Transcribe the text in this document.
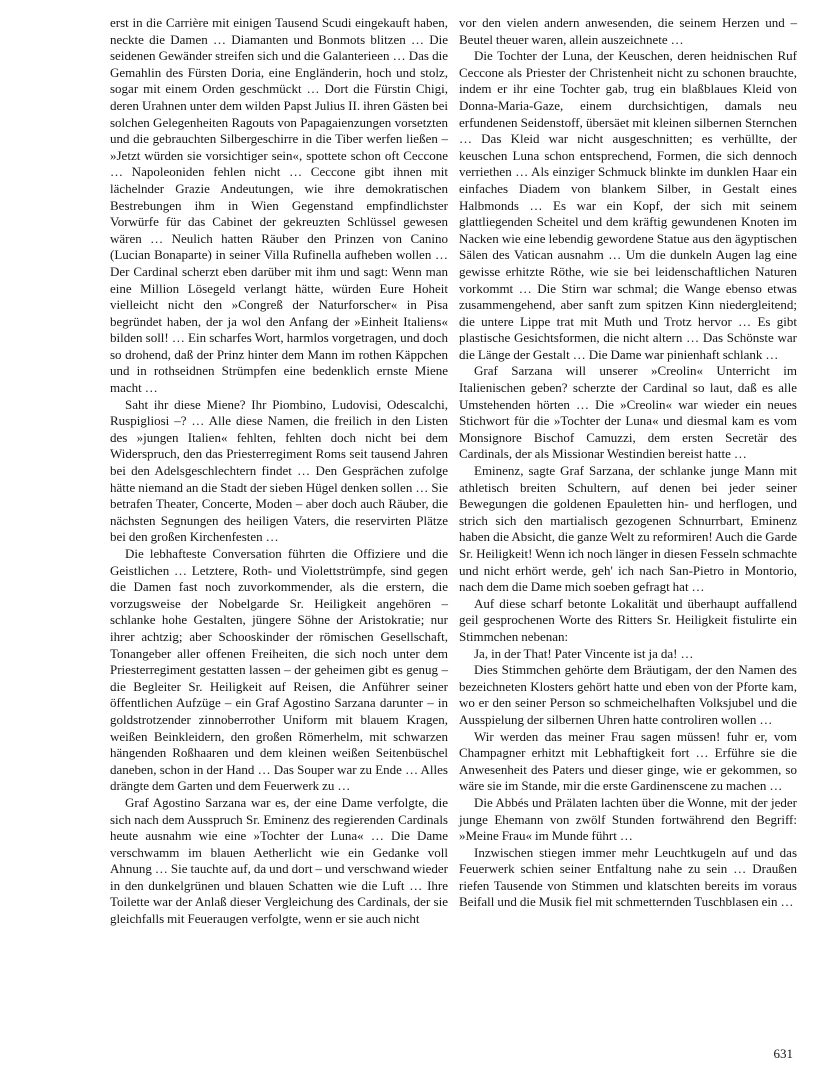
erst in die Carrière mit einigen Tausend Scudi eingekauft haben, neckte die Damen … Diamanten und Bonmots blitzen … Die seidenen Gewänder streifen sich und die Galanterieen … Das die Gemahlin des Fürsten Doria, eine Engländerin, hoch und stolz, sogar mit einem Orden geschmückt … Dort die Fürstin Chigi, deren Urahnen unter dem wilden Papst Julius II. ihren Gästen bei solchen Gelegenheiten Ragouts von Papagaienzungen vorsetzten und die gebrauchten Silbergeschirre in die Tiber werfen ließen – »Jetzt würden sie vorsichtiger sein«, spottete schon oft Ceccone … Napoleoniden fehlen nicht … Ceccone gibt ihnen mit lächelnder Grazie Andeutungen, wie ihre demokratischen Bestrebungen ihm in Wien Gegenstand empfindlichster Vorwürfe für das Cabinet der gekreuzten Schlüssel gewesen wären … Neulich hatten Räuber den Prinzen von Canino (Lucian Bonaparte) in seiner Villa Rufinella aufheben wollen … Der Cardinal scherzt eben darüber mit ihm und sagt: Wenn man eine Million Lösegeld verlangt hätte, würden Eure Hoheit vielleicht nicht den »Congreß der Naturforscher« in Pisa begründet haben, der ja wol den Anfang der »Einheit Italiens« bilden soll! … Ein scharfes Wort, harmlos vorgetragen, und doch so drohend, daß der Prinz hinter dem Mann im rothen Käppchen und in rothseidnen Strümpfen eine bedenklich ernste Miene macht …

Saht ihr diese Miene? Ihr Piombino, Ludovisi, Odescalchi, Ruspigliosi –? … Alle diese Namen, die freilich in den Listen des »jungen Italien« fehlten, fehlten doch nicht bei dem Widerspruch, den das Priesterregiment Roms seit tausend Jahren bei den Adelsgeschlechtern findet … Den Gesprächen zufolge hätte niemand an die Stadt der sieben Hügel denken sollen … Sie betrafen Theater, Concerte, Moden – aber doch auch Räuber, die nächsten Segnungen des heiligen Vaters, die reservirten Plätze bei den großen Kirchenfesten …

Die lebhafteste Conversation führten die Offiziere und die Geistlichen … Letztere, Roth- und Violettstrümpfe, sind gegen die Damen fast noch zuvorkommender, als die erstern, die vorzugsweise der Nobelgarde Sr. Heiligkeit angehören – schlanke hohe Gestalten, jüngere Söhne der Aristokratie; nur ihrer achtzig; aber Schooskinder der römischen Gesellschaft, Tonangeber aller offenen Freiheiten, die sich noch unter dem Priesterregiment gestatten lassen – der geheimen gibt es genug – die Begleiter Sr. Heiligkeit auf Reisen, die Anführer seiner öffentlichen Aufzüge – ein Graf Agostino Sarzana darunter – in goldstrotzender zinnoberrother Uniform mit blauem Kragen, weißen Beinkleidern, den großen Römerhelm, mit schwarzen hängenden Roßhaaren und dem kleinen weißen Seitenbüschel daneben, schon in der Hand … Das Souper war zu Ende … Alles drängte dem Garten und dem Feuerwerk zu …

Graf Agostino Sarzana war es, der eine Dame verfolgte, die sich nach dem Ausspruch Sr. Eminenz des regierenden Cardinals heute ausnahm wie eine »Tochter der Luna« … Die Dame verschwamm im blauen Aetherlicht wie ein Gedanke voll Ahnung … Sie tauchte auf, da und dort – und verschwand wieder in den dunkelgrünen und blauen Schatten wie die Luft … Ihre Toilette war der Anlaß dieser Vergleichung des Cardinals, der sie gleichfalls mit Feueraugen verfolgte, wenn er sie auch nicht

vor den vielen andern anwesenden, die seinem Herzen und – Beutel theuer waren, allein auszeichnete …

Die Tochter der Luna, der Keuschen, deren heidnischen Ruf Ceccone als Priester der Christenheit nicht zu schonen brauchte, indem er ihr eine Tochter gab, trug ein blaßblaues Kleid von Donna-Maria-Gaze, einem durchsichtigen, damals neu erfundenen Seidenstoff, übersäet mit kleinen silbernen Sternchen … Das Kleid war nicht ausgeschnitten; es verhüllte, der keuschen Luna schon entsprechend, Formen, die sich dennoch verriethen … Als einziger Schmuck blinkte im dunklen Haar ein einfaches Diadem von blankem Silber, in Gestalt eines Halbmonds … Es war ein Kopf, der sich mit seinem glattliegenden Scheitel und dem kräftig gewundenen Knoten im Nacken wie eine lebendig gewordene Statue aus den ägyptischen Sälen des Vatican ausnahm … Um die dunkeln Augen lag eine gewisse erhitzte Röthe, wie sie bei leidenschaftlichen Naturen vorkommt … Die Stirn war schmal; die Wange ebenso etwas zusammengehend, aber sanft zum spitzen Kinn niedergleitend; die untere Lippe trat mit Muth und Trotz hervor … Es gibt plastische Gesichtsformen, die nicht altern … Das Schönste war die Länge der Gestalt … Die Dame war pinienhaft schlank …

Graf Sarzana will unserer »Creolin« Unterricht im Italienischen geben? scherzte der Cardinal so laut, daß es alle Umstehenden hörten … Die »Creolin« war wieder ein neues Stichwort für die »Tochter der Luna« und diesmal kam es vom Monsignore Bischof Camuzzi, dem ersten Secretär des Cardinals, der als Missionar Westindien bereist hatte …

Eminenz, sagte Graf Sarzana, der schlanke junge Mann mit athletisch breiten Schultern, auf denen bei jeder seiner Bewegungen die goldenen Epauletten hin- und herflogen, und strich sich den martialisch gezogenen Schnurrbart, Eminenz haben die Absicht, die ganze Welt zu reformiren! Auch die Garde Sr. Heiligkeit! Wenn ich noch länger in diesen Fesseln schmachte und nicht erhört werde, geh' ich nach San-Pietro in Montorio, nach dem die Dame mich soeben gefragt hat …

Auf diese scharf betonte Lokalität und überhaupt auffallend geil gesprochenen Worte des Ritters Sr. Heiligkeit fistulirte ein Stimmchen nebenan:

Ja, in der That! Pater Vincente ist ja da! …

Dies Stimmchen gehörte dem Bräutigam, der den Namen des bezeichneten Klosters gehört hatte und eben von der Pforte kam, wo er den seiner Person so schmeichelhaften Volksjubel und die Ausspielung der silbernen Uhren hatte controliren wollen …

Wir werden das meiner Frau sagen müssen! fuhr er, vom Champagner erhitzt mit Lebhaftigkeit fort … Erführe sie die Anwesenheit des Paters und dieser ginge, wie er gekommen, so wäre sie im Stande, mir die erste Gardinenscene zu machen …

Die Abbés und Prälaten lachten über die Wonne, mit der jeder junge Ehemann von zwölf Stunden fortwährend den Begriff: »Meine Frau« im Munde führt …

Inzwischen stiegen immer mehr Leuchtkugeln auf und das Feuerwerk schien seiner Entfaltung nahe zu sein … Draußen riefen Tausende von Stimmen und klatschten bereits im voraus Beifall und die Musik fiel mit schmetternden Tuschblasen ein …

631
